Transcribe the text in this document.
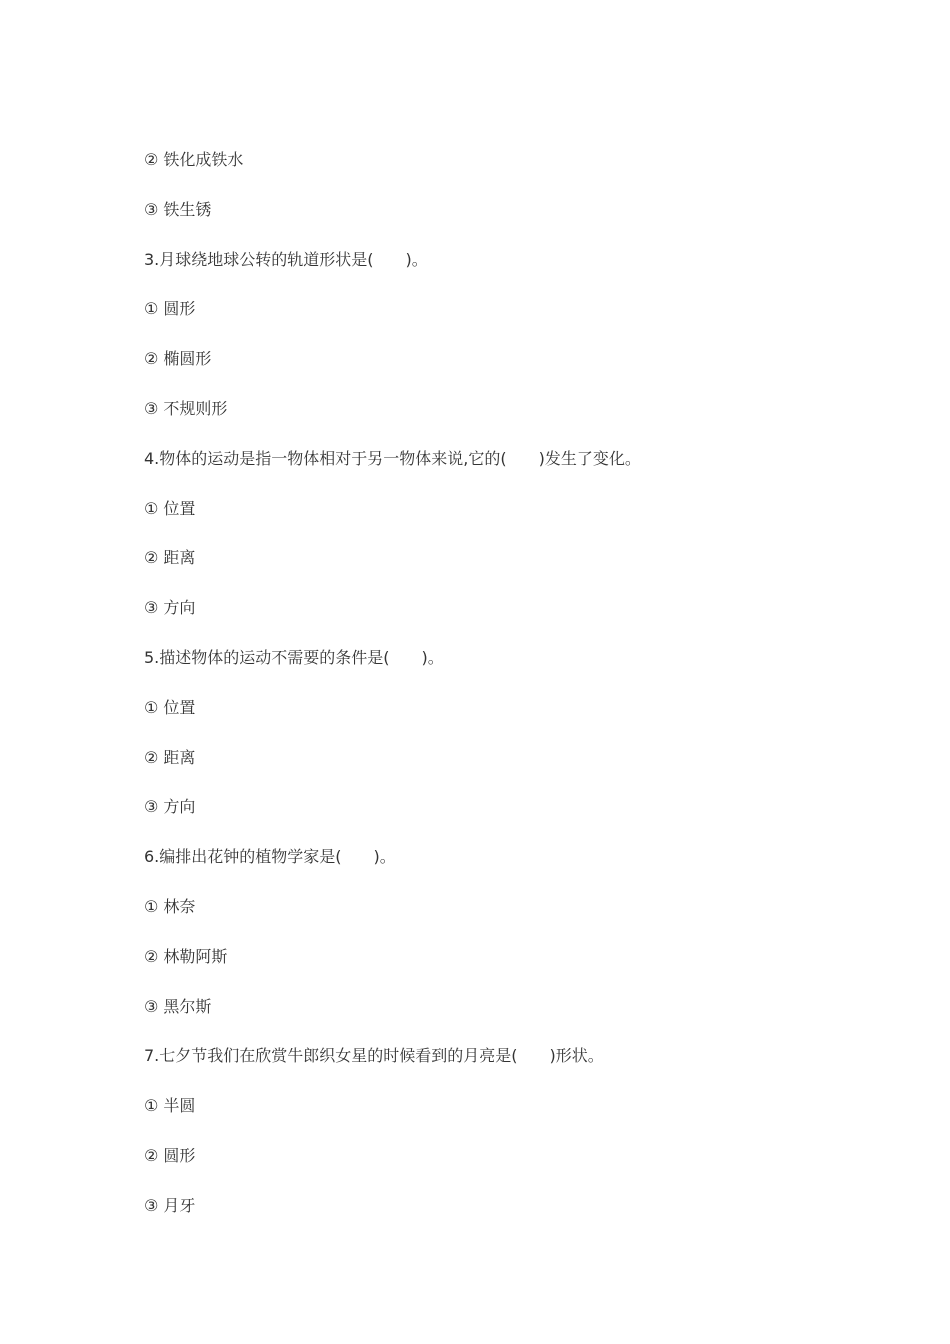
② 铁化成铁水
③ 铁生锈
3.月球绕地球公转的轨道形状是(　　)。
① 圆形
② 椭圆形
③ 不规则形
4.物体的运动是指一物体相对于另一物体来说,它的(　　)发生了变化。
① 位置
② 距离
③ 方向
5.描述物体的运动不需要的条件是(　　)。
① 位置
② 距离
③ 方向
6.编排出花钟的植物学家是(　　)。
① 林奈
② 林勒阿斯
③ 黑尔斯
7.七夕节我们在欣赏牛郎织女星的时候看到的月亮是(　　)形状。
① 半圆
② 圆形
③ 月牙
